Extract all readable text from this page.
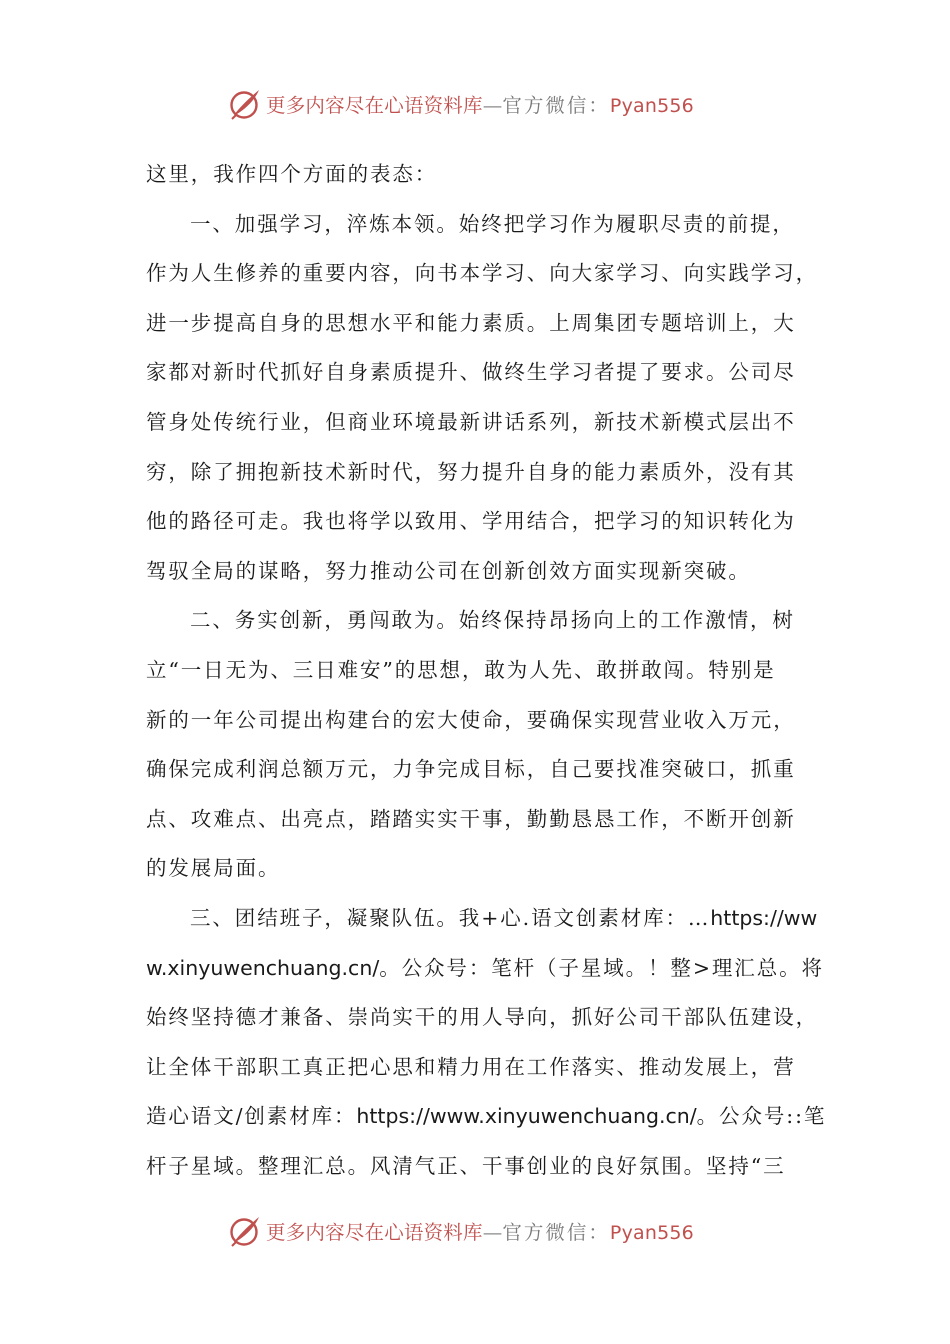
更多内容尽在心语资料库—官方微信：Pyan556
这里，我作四个方面的表态：
一、加强学习，淬炼本领。始终把学习作为履职尽责的前提，
作为人生修养的重要内容，向书本学习、向大家学习、向实践学习，
进一步提高自身的思想水平和能力素质。上周集团专题培训上，大
家都对新时代抓好自身素质提升、做终生学习者提了要求。公司尽
管身处传统行业，但商业环境最新讲话系列，新技术新模式层出不
穷，除了拥抱新技术新时代，努力提升自身的能力素质外，没有其
他的路径可走。我也将学以致用、学用结合，把学习的知识转化为
驾驭全局的谋略，努力推动公司在创新创效方面实现新突破。
二、务实创新，勇闯敢为。始终保持昂扬向上的工作激情，树
立“一日无为、三日难安”的思想，敢为人先、敢拼敢闯。特别是
新的一年公司提出构建台的宏大使命，要确保实现营业收入万元，
确保完成利润总额万元，力争完成目标，自己要找准突破口，抓重
点、攻难点、出亮点，踏踏实实干事，勤勤恳恳工作，不断开创新
的发展局面。
三、团结班子，凝聚队伍。我+心.语文创素材库：…https://ww
w.xinyuwenchuang.cn/。公众号：笔杆（子星域。！整>理汇总。将
始终坚持德才兼备、崇尚实干的用人导向，抓好公司干部队伍建设，
让全体干部职工真正把心思和精力用在工作落实、推动发展上，营
造心语文/创素材库：https://www.xinyuwenchuang.cn/。公众号::笔
杆子星域。整理汇总。风清气正、干事创业的良好氛围。坚持“三
更多内容尽在心语资料库—官方微信：Pyan556
